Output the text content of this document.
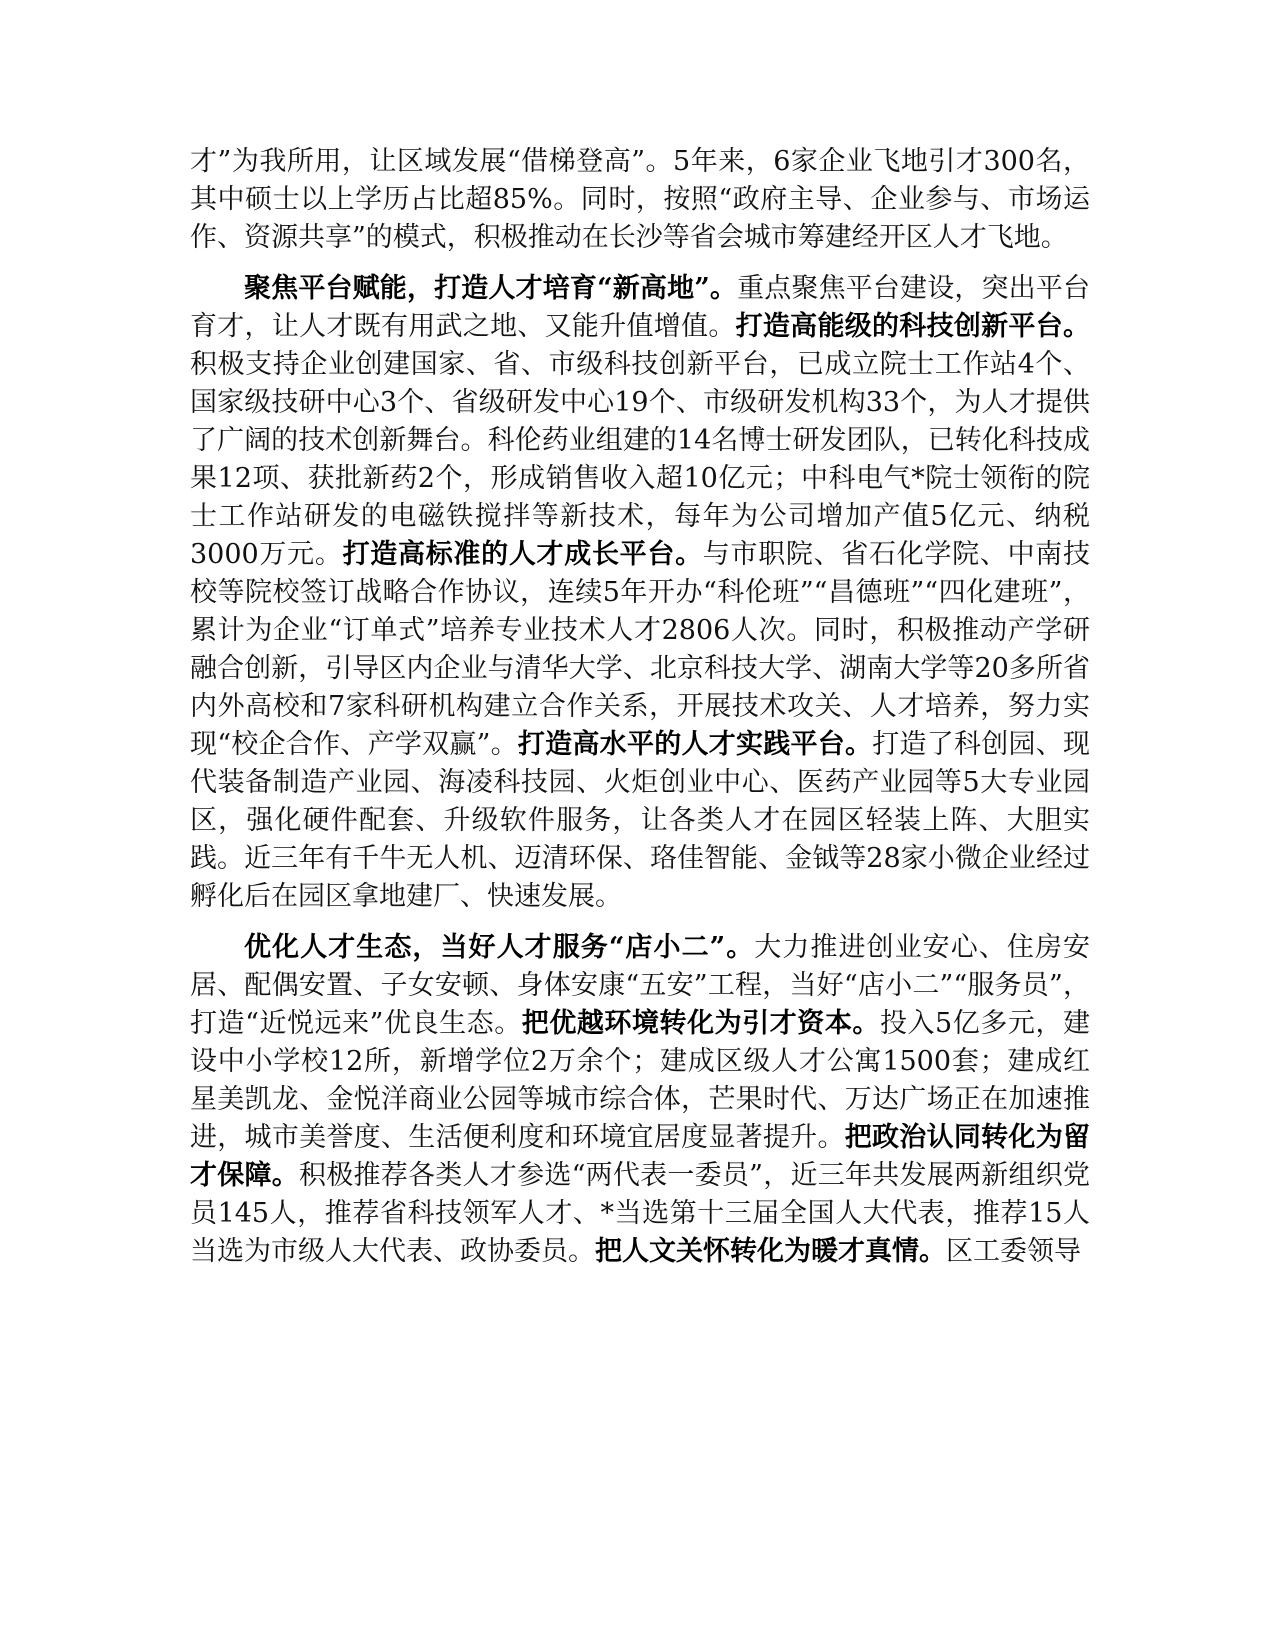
才”为我所用，让区域发展“借梯登高”。5年来，6家企业飞地引才300名，其中硕士以上学历占比超85%。同时，按照“政府主导、企业参与、市场运作、资源共享”的模式，积极推动在长沙等省会城市筹建经开区人才飞地。

聚焦平台赋能，打造人才培育“新高地”。重点聚焦平台建设，突出平台育才，让人才既有用武之地、又能升值增值。打造高能级的科技创新平台。积极支持企业创建国家、省、市级科技创新平台，已成立院士工作站4个、国家级技研中心3个、省级研发中心19个、市级研发机构33个，为人才提供了广阔的技术创新舞台。科伦药业组建的14名博士研发团队，已转化科技成果12项、获批新药2个，形成销售收入超10亿元；中科电气*院士领衔的院士工作站研发的电磁铁搅拌等新技术，每年为公司增加产值5亿元、纳税3000万元。打造高标准的人才成长平台。与市职院、省石化学院、中南技校等院校签订战略合作协议，连续5年开办“科伦班”“昌德班”“四化建班”，累计为企业“订单式”培养专业技术人才2806人次。同时，积极推动产学研融合创新，引导区内企业与清华大学、北京科技大学、湖南大学等20多所省内外高校和7家科研机构建立合作关系，开展技术攻关、人才培养，努力实现“校企合作、产学双赢”。打造高水平的人才实践平台。打造了科创园、现代装备制造产业园、海凌科技园、火炬创业中心、医药产业园等5大专业园区，强化硬件配套、升级软件服务，让各类人才在园区轻装上阵、大胆实践。近三年有千牛无人机、迈清环保、珞佳智能、金钺等28家小微企业经过孵化后在园区拿地建厂、快速发展。

优化人才生态，当好人才服务“店小二”。大力推进创业安心、住房安居、配偶安置、子女安顿、身体安康“五安”工程，当好“店小二”“服务员”，打造“近悦远来”优良生态。把优越环境转化为引才资本。投入5亿多元，建设中小学校12所，新增学位2万余个；建成区级人才公寓1500套；建成红星美凯龙、金悦洋商业公园等城市综合体，芒果时代、万达广场正在加速推进，城市美誉度、生活便利度和环境宜居度显著提升。把政治认同转化为留才保障。积极推荐各类人才参选“两代表一委员”，近三年共发展两新组织党员145人，推荐省科技领军人才、*当选第十三届全国人大代表，推荐15人当选为市级人大代表、政协委员。把人文关怀转化为暖才真情。区工委领导
